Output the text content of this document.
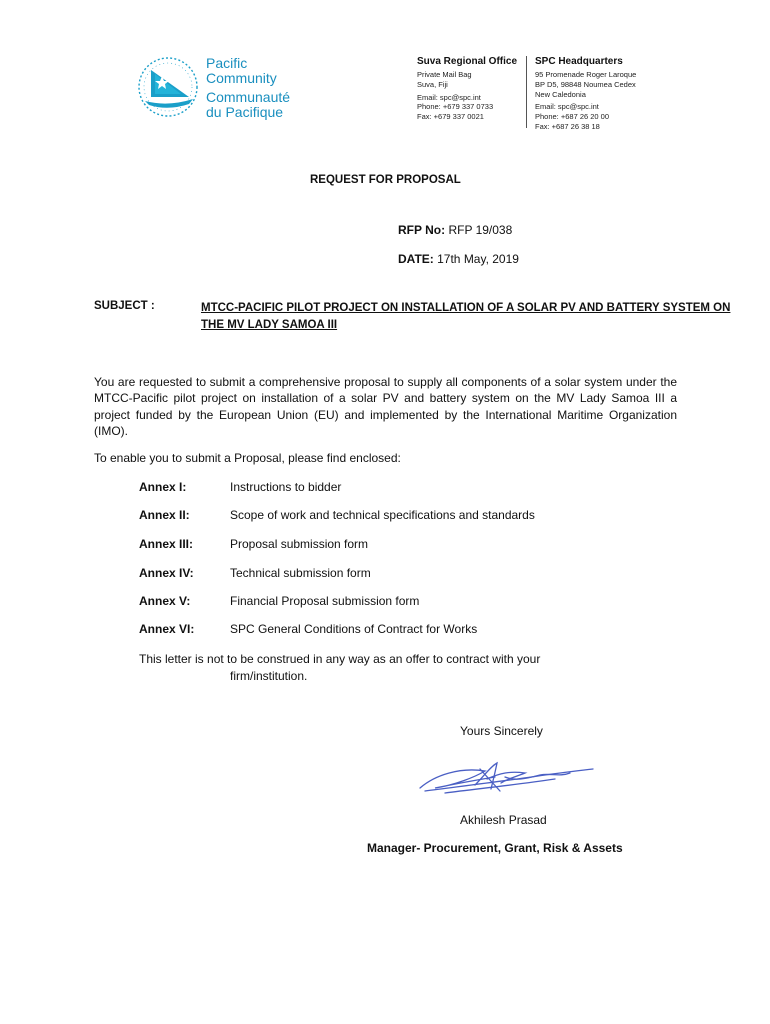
Pacific
Community
Communauté
du Pacifique
Suva Regional Office
Private Mail Bag
Suva, Fiji
Email: spc@spc.int
Phone: +679 337 0733
Fax: +679 337 0021
SPC Headquarters
95 Promenade Roger Laroque
BP D5, 98848 Noumea Cedex
New Caledonia
Email: spc@spc.int
Phone: +687 26 20 00
Fax: +687 26 38 18
REQUEST FOR PROPOSAL
RFP No: RFP 19/038
DATE: 17th May, 2019
SUBJECT :	MTCC-PACIFIC PILOT PROJECT ON INSTALLATION OF A SOLAR PV AND BATTERY SYSTEM ON THE MV LADY SAMOA III
You are requested to submit a comprehensive proposal to supply all components of a solar system under the MTCC-Pacific pilot project on installation of a solar PV and battery system on the MV Lady Samoa III a project funded by the European Union (EU) and implemented by the International Maritime Organization (IMO).
To enable you to submit a Proposal, please find enclosed:
Annex I:	Instructions to bidder
Annex II:	Scope of work and technical specifications and standards
Annex III:	Proposal submission form
Annex IV:	Technical submission form
Annex V:	Financial Proposal submission form
Annex VI:	SPC General Conditions of Contract for Works
This letter is not to be construed in any way as an offer to contract with your
firm/institution.
Yours Sincerely
Akhilesh Prasad
Manager- Procurement, Grant, Risk & Assets
